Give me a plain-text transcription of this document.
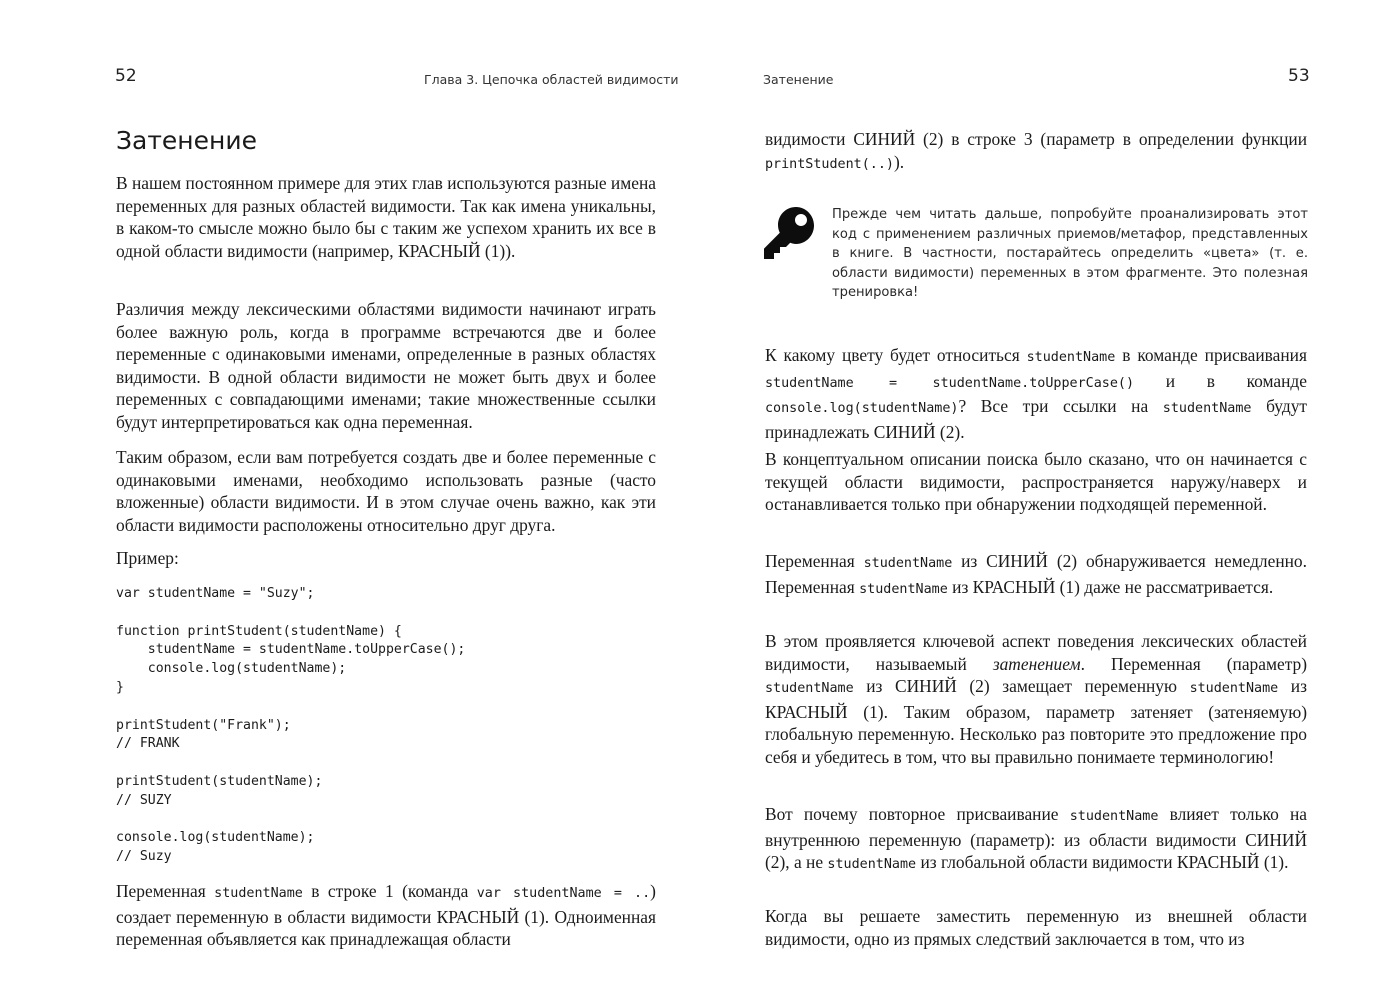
52	Глава 3. Цепочка областей видимости
Затенение

В нашем постоянном примере для этих глав используются разные имена переменных для разных областей видимости. Так как имена уникальны, в каком-то смысле можно было бы с таким же успехом хранить их все в одной области видимости (например, КРАСНЫЙ (1)).

Различия между лексическими областями видимости начинают играть более важную роль, когда в программе встречаются две и более переменные с одинаковыми именами, определенные в разных областях видимости. В одной области видимости не может быть двух и более переменных с совпадающими именами; такие множественные ссылки будут интерпретироваться как одна переменная.

Таким образом, если вам потребуется создать две и более переменные с одинаковыми именами, необходимо использовать разные (часто вложенные) области видимости. И в этом случае очень важно, как эти области видимости расположены относительно друг друга.

Пример:

var studentName = "Suzy";

function printStudent(studentName) {
studentName = studentName.toUpperCase();
console.log(studentName);
}

printStudent("Frank");
// FRANK

printStudent(studentName);
// SUZY

console.log(studentName);
// Suzy

Переменная studentName в строке 1 (команда var studentName = ..) создает переменную в области видимости КРАСНЫЙ (1). Одноименная переменная объявляется как принадлежащая области

Затенение	53

видимости СИНИЙ (2) в строке 3 (параметр в определении функции printStudent(..)).

Прежде чем читать дальше, попробуйте проанализировать этот код с применением различных приемов/метафор, представленных в книге. В частности, постарайтесь определить «цвета» (т. е. области видимости) переменных в этом фрагменте. Это полезная тренировка!

К какому цвету будет относиться studentName в команде присваивания studentName = studentName.toUpperCase() и в команде console.log(studentName)? Все три ссылки на studentName будут принадлежать СИНИЙ (2).

В концептуальном описании поиска было сказано, что он начинается с текущей области видимости, распространяется наружу/наверх и останавливается только при обнаружении подходящей переменной.

Переменная studentName из СИНИЙ (2) обнаруживается немедленно. Переменная studentName из КРАСНЫЙ (1) даже не рассматривается.

В этом проявляется ключевой аспект поведения лексических областей видимости, называемый затенением. Переменная (параметр) studentName из СИНИЙ (2) замещает переменную studentName из КРАСНЫЙ (1). Таким образом, параметр затеняет (затеняемую) глобальную переменную. Несколько раз повторите это предложение про себя и убедитесь в том, что вы правильно понимаете терминологию!

Вот почему повторное присваивание studentName влияет только на внутреннюю переменную (параметр): из области видимости СИНИЙ (2), а не studentName из глобальной области видимости КРАСНЫЙ (1).

Когда вы решаете заместить переменную из внешней области видимости, одно из прямых следствий заключается в том, что из
